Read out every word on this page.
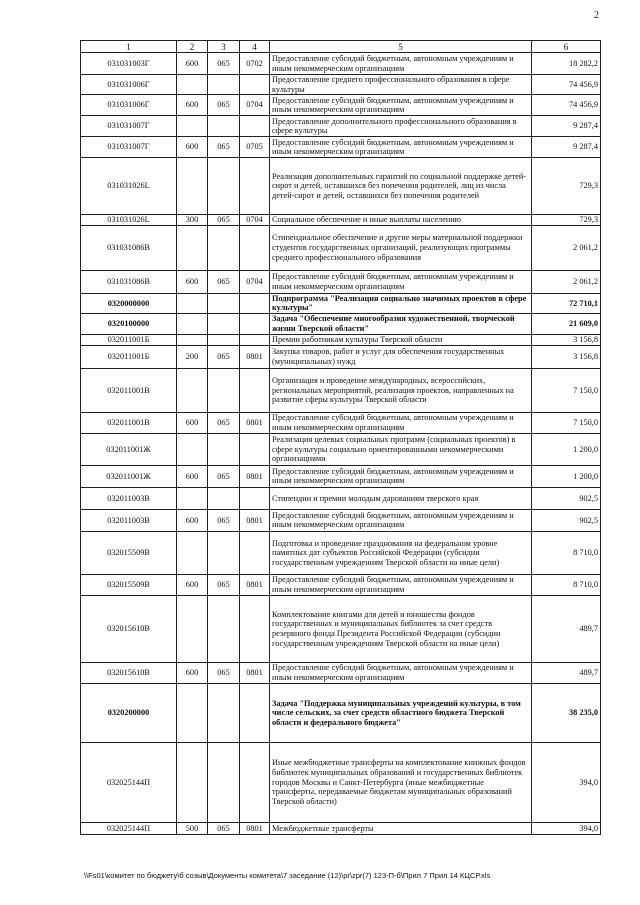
2
1	2	3	4	5	6
031031003Г	600	065	0702	Предоставление субсидий бюджетным, автономным учреждениям и иным некоммерческим организациям	18 282,2
031031006Г				Предоставление среднего профессионального образования в сфере культуры	74 456,9
031031006Г	600	065	0704	Предоставление субсидий бюджетным, автономным учреждениям и иным некоммерческим организациям	74 456,9
031031007Г				Предоставление дополнительного профессионального образования в сфере культуры	9 287,4
031031007Г	600	065	0705	Предоставление субсидий бюджетным, автономным учреждениям и иным некоммерческим организациям	9 287,4
031031026L				Реализация дополнительных гарантий по социальной поддержке детей-сирот и детей, оставшихся без попечения родителей, лиц из числа детей-сирот и детей, оставшихся без попечения родителей	729,3
031031026L	300	065	0704	Социальное обеспечение и иные выплаты населению	729,3
031031086В				Стипендиальное обеспечение и другие меры материальной поддержки студентов государственных организаций, реализующих программы среднего профессионального образования	2 061,2
031031086В	600	065	0704	Предоставление субсидий бюджетным, автономным учреждениям и иным некоммерческим организациям	2 061,2
0320000000				Подпрограмма "Реализация социально значимых проектов в сфере культуры"	72 710,1
0320100000				Задача "Обеспечение многообразия художественной, творческой жизни Тверской области"	21 609,0
032011001Б				Премии работникам культуры Тверской области	3 156,8
032011001Б	200	065	0801	Закупка товаров, работ и услуг для обеспечения государственных (муниципальных) нужд	3 156,8
032011001В				Организация и проведение международных, всероссийских, региональных мероприятий, реализация проектов, направленных на развитие сферы культуры Тверской области	7 150,0
032011001В	600	065	0801	Предоставление субсидий бюджетным, автономным учреждениям и иным некоммерческим организациям	7 150,0
032011001Ж				Реализация целевых социальных программ (социальных проектов) в сфере культуры социально ориентированными некоммерческими организациями	1 200,0
032011001Ж	600	065	0801	Предоставление субсидий бюджетным, автономным учреждениям и иным некоммерческим организациям	1 200,0
032011003В				Стипендии и премии молодым дарованиям тверского края	902,5
032011003В	600	065	0801	Предоставление субсидий бюджетным, автономным учреждениям и иным некоммерческим организациям	902,5
032015509В				Подготовка и проведение празднования на федеральном уровне памятных дат субъектов Российской Федерации (субсидии государственным учреждениям Тверской области на иные цели)	8 710,0
032015509В	600	065	0801	Предоставление субсидий бюджетным, автономным учреждениям и иным некоммерческим организациям	8 710,0
032015610В				Комплектование книгами для детей и юношества фондов государственных и муниципальных библиотек за счет средств резервного фонда Президента Российской Федерации (субсидии государственным учреждениям Тверской области на иные цели)	489,7
032015610В	600	065	0801	Предоставление субсидий бюджетным, автономным учреждениям и иным некоммерческим организациям	489,7
0320200000				Задача "Поддержка муниципальных учреждений культуры, в том числе сельских, за счет средств областного бюджета Тверской области и федерального бюджета"	38 235,0
032025144П				Иные межбюджетные трансферты на комплектование книжных фондов библиотек муниципальных образований и государственных библиотек городов Москвы и Санкт-Петербурга (иные межбюджетные трансферты, передаваемые бюджетам муниципальных образований Тверской области)	394,0
032025144П	500	065	0801	Межбюджетные трансферты	394,0
\\Fs01\комитет по бюджету\б созыв\Документы комитета\7 заседание (12)\pr\zpr(7) 123-П-б\Прил 7 Прил 14 КЦСР.xls
